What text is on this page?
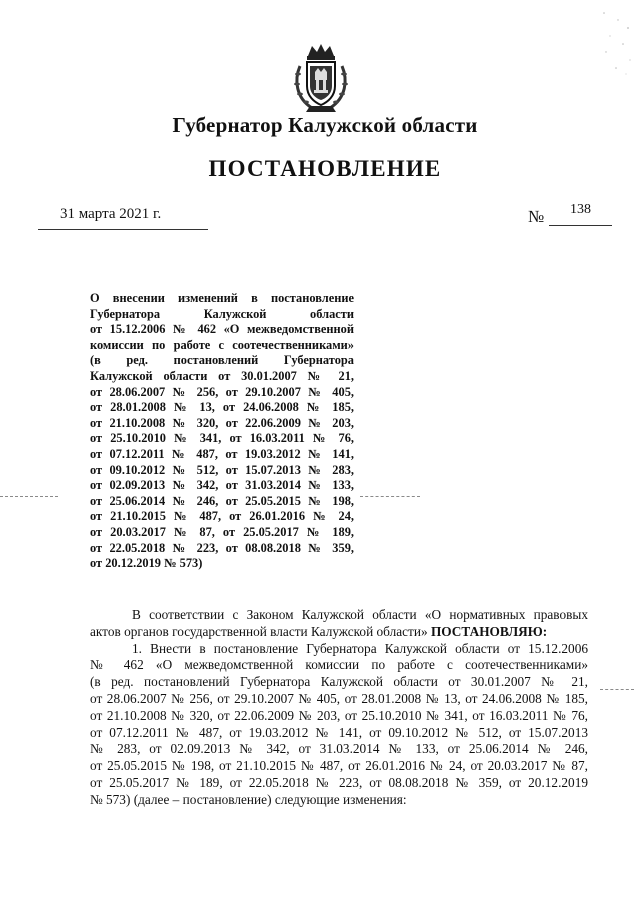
Губернатор Калужской области
ПОСТАНОВЛЕНИЕ
31 марта 2021 г.	№ 138
О внесении изменений в постановление
Губернатора Калужской области
от 15.12.2006 № 462 «О межведомственной
комиссии по работе с соотечественниками»
(в ред. постановлений Губернатора
Калужской области от 30.01.2007 № 21,
от 28.06.2007 № 256, от 29.10.2007 № 405,
от 28.01.2008 № 13, от 24.06.2008 № 185,
от 21.10.2008 № 320, от 22.06.2009 № 203,
от 25.10.2010 № 341, от 16.03.2011 № 76,
от 07.12.2011 № 487, от 19.03.2012 № 141,
от 09.10.2012 № 512, от 15.07.2013 № 283,
от 02.09.2013 № 342, от 31.03.2014 № 133,
от 25.06.2014 № 246, от 25.05.2015 № 198,
от 21.10.2015 № 487, от 26.01.2016 № 24,
от 20.03.2017 № 87, от 25.05.2017 № 189,
от 22.05.2018 № 223, от 08.08.2018 № 359,
от 20.12.2019 № 573)
В соответствии с Законом Калужской области «О нормативных правовых
актов органов государственной власти Калужской области» ПОСТАНОВЛЯЮ:
1. Внести в постановление Губернатора Калужской области от 15.12.2006
№ 462 «О межведомственной комиссии по работе с соотечественниками»
(в ред. постановлений Губернатора Калужской области от 30.01.2007 № 21,
от 28.06.2007 № 256, от 29.10.2007 № 405, от 28.01.2008 № 13, от 24.06.2008 № 185,
от 21.10.2008 № 320, от 22.06.2009 № 203, от 25.10.2010 № 341, от 16.03.2011 № 76,
от 07.12.2011 № 487, от 19.03.2012 № 141, от 09.10.2012 № 512, от 15.07.2013
№ 283, от 02.09.2013 № 342, от 31.03.2014 № 133, от 25.06.2014 № 246,
от 25.05.2015 № 198, от 21.10.2015 № 487, от 26.01.2016 № 24, от 20.03.2017 № 87,
от 25.05.2017 № 189, от 22.05.2018 № 223, от 08.08.2018 № 359, от 20.12.2019
№ 573) (далее – постановление) следующие изменения:
